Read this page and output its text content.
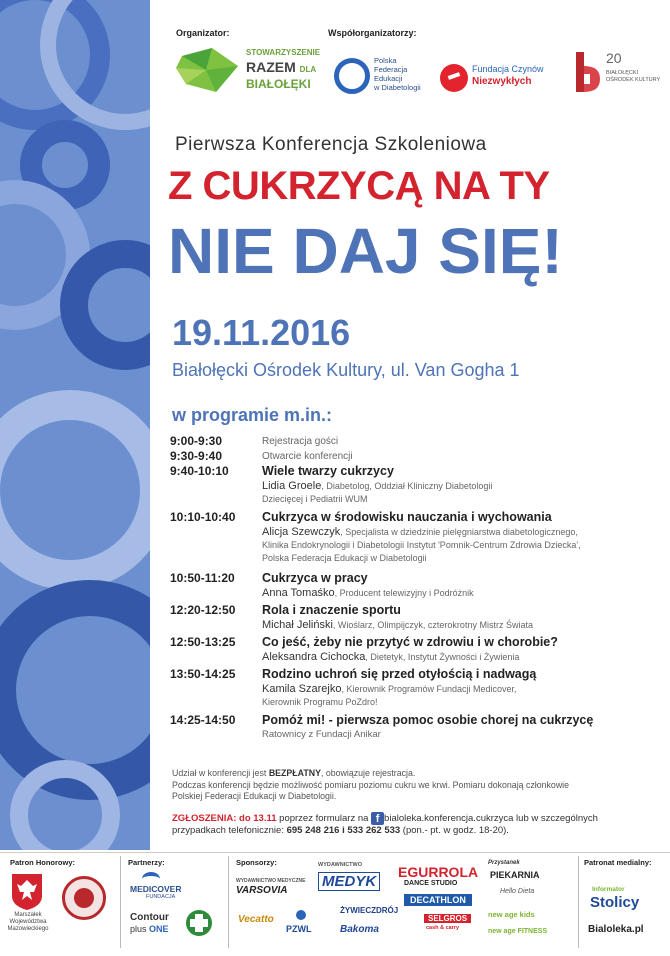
Organizator:	Współorganizatorzy:
STOWARZYSZENIE
RAZEM DLA
BIAŁOŁĘKI
Polska
Federacja
Edukacji
w Diabetologii
Fundacja Czynów
Niezwykłych
20
BIAŁOŁĘCKI
OŚRODEK KULTURY
Pierwsza Konferencja Szkoleniowa
Z CUKRZYCĄ NA TY
NIE DAJ SIĘ!
19.11.2016
Białołęcki Ośrodek Kultury, ul. Van Gogha 1
w programie m.in.:
9:00-9:30	Rejestracja gości
9:30-9:40	Otwarcie konferencji
9:40-10:10	Wiele twarzy cukrzycy
Lidia Groele, Diabetolog, Oddział Kliniczny Diabetologii
Dziecięcej i Pediatrii WUM
10:10-10:40	Cukrzyca w środowisku nauczania i wychowania
Alicja Szewczyk, Specjalista w dziedzinie pielęgniarstwa diabetologicznego,
Klinika Endokrynologii i Diabetologii Instytut 'Pomnik-Centrum Zdrowia Dziecka',
Polska Federacja Edukacji w Diabetologii
10:50-11:20	Cukrzyca w pracy
Anna Tomaśko, Producent telewizyjny i Podróżnik
12:20-12:50	Rola i znaczenie sportu
Michał Jeliński, Wioślarz, Olimpijczyk, czterokrotny Mistrz Świata
12:50-13:25	Co jeść, żeby nie przytyć w zdrowiu i w chorobie?
Aleksandra Cichocka, Dietetyk, Instytut Żywności i Żywienia
13:50-14:25	Rodzino uchroń się przed otyłością i nadwagą
Kamila Szarejko, Kierownik Programów Fundacji Medicover,
Kierownik Programu PoZdro!
14:25-14:50	Pomóż mi! - pierwsza pomoc osobie chorej na cukrzycę
Ratownicy z Fundacji Anikar
Udział w konferencji jest BEZPŁATNY, obowiązuje rejestracja.
Podczas konferencji będzie możliwość pomiaru poziomu cukru we krwi. Pomiaru dokonają członkowie
Polskiej Federacji Edukacji w Diabetologii.
ZGŁOSZENIA: do 13.11 poprzez formularz na f bialoleka.konferencja.cukrzyca lub w szczególnych
przypadkach telefonicznie: 695 248 216 i 533 262 533 (pon.- pt. w godz. 18-20).
Patron Honorowy:
Marszałek
Województwa
Mazowieckiego
Partnerzy:
MEDICOVER
FUNDACJA
Contour
plus ONE
Sponsorzy:
WYDAWNICTWO MEDYCZNE
VARSOVIA
WYDAWNICTWO
MEDYK
Vecatto
PZWL
ŻYWIECZDRÓJ
Bakoma
EGURROLA
DANCE STUDIO
DECATHLON
SELGROS
cash & carry
Przystanek
PIEKARNIA
Hello Dieta
new age kids
new age FITNESS
Patronat medialny:
Informator
Stolicy
Bialoleka.pl
